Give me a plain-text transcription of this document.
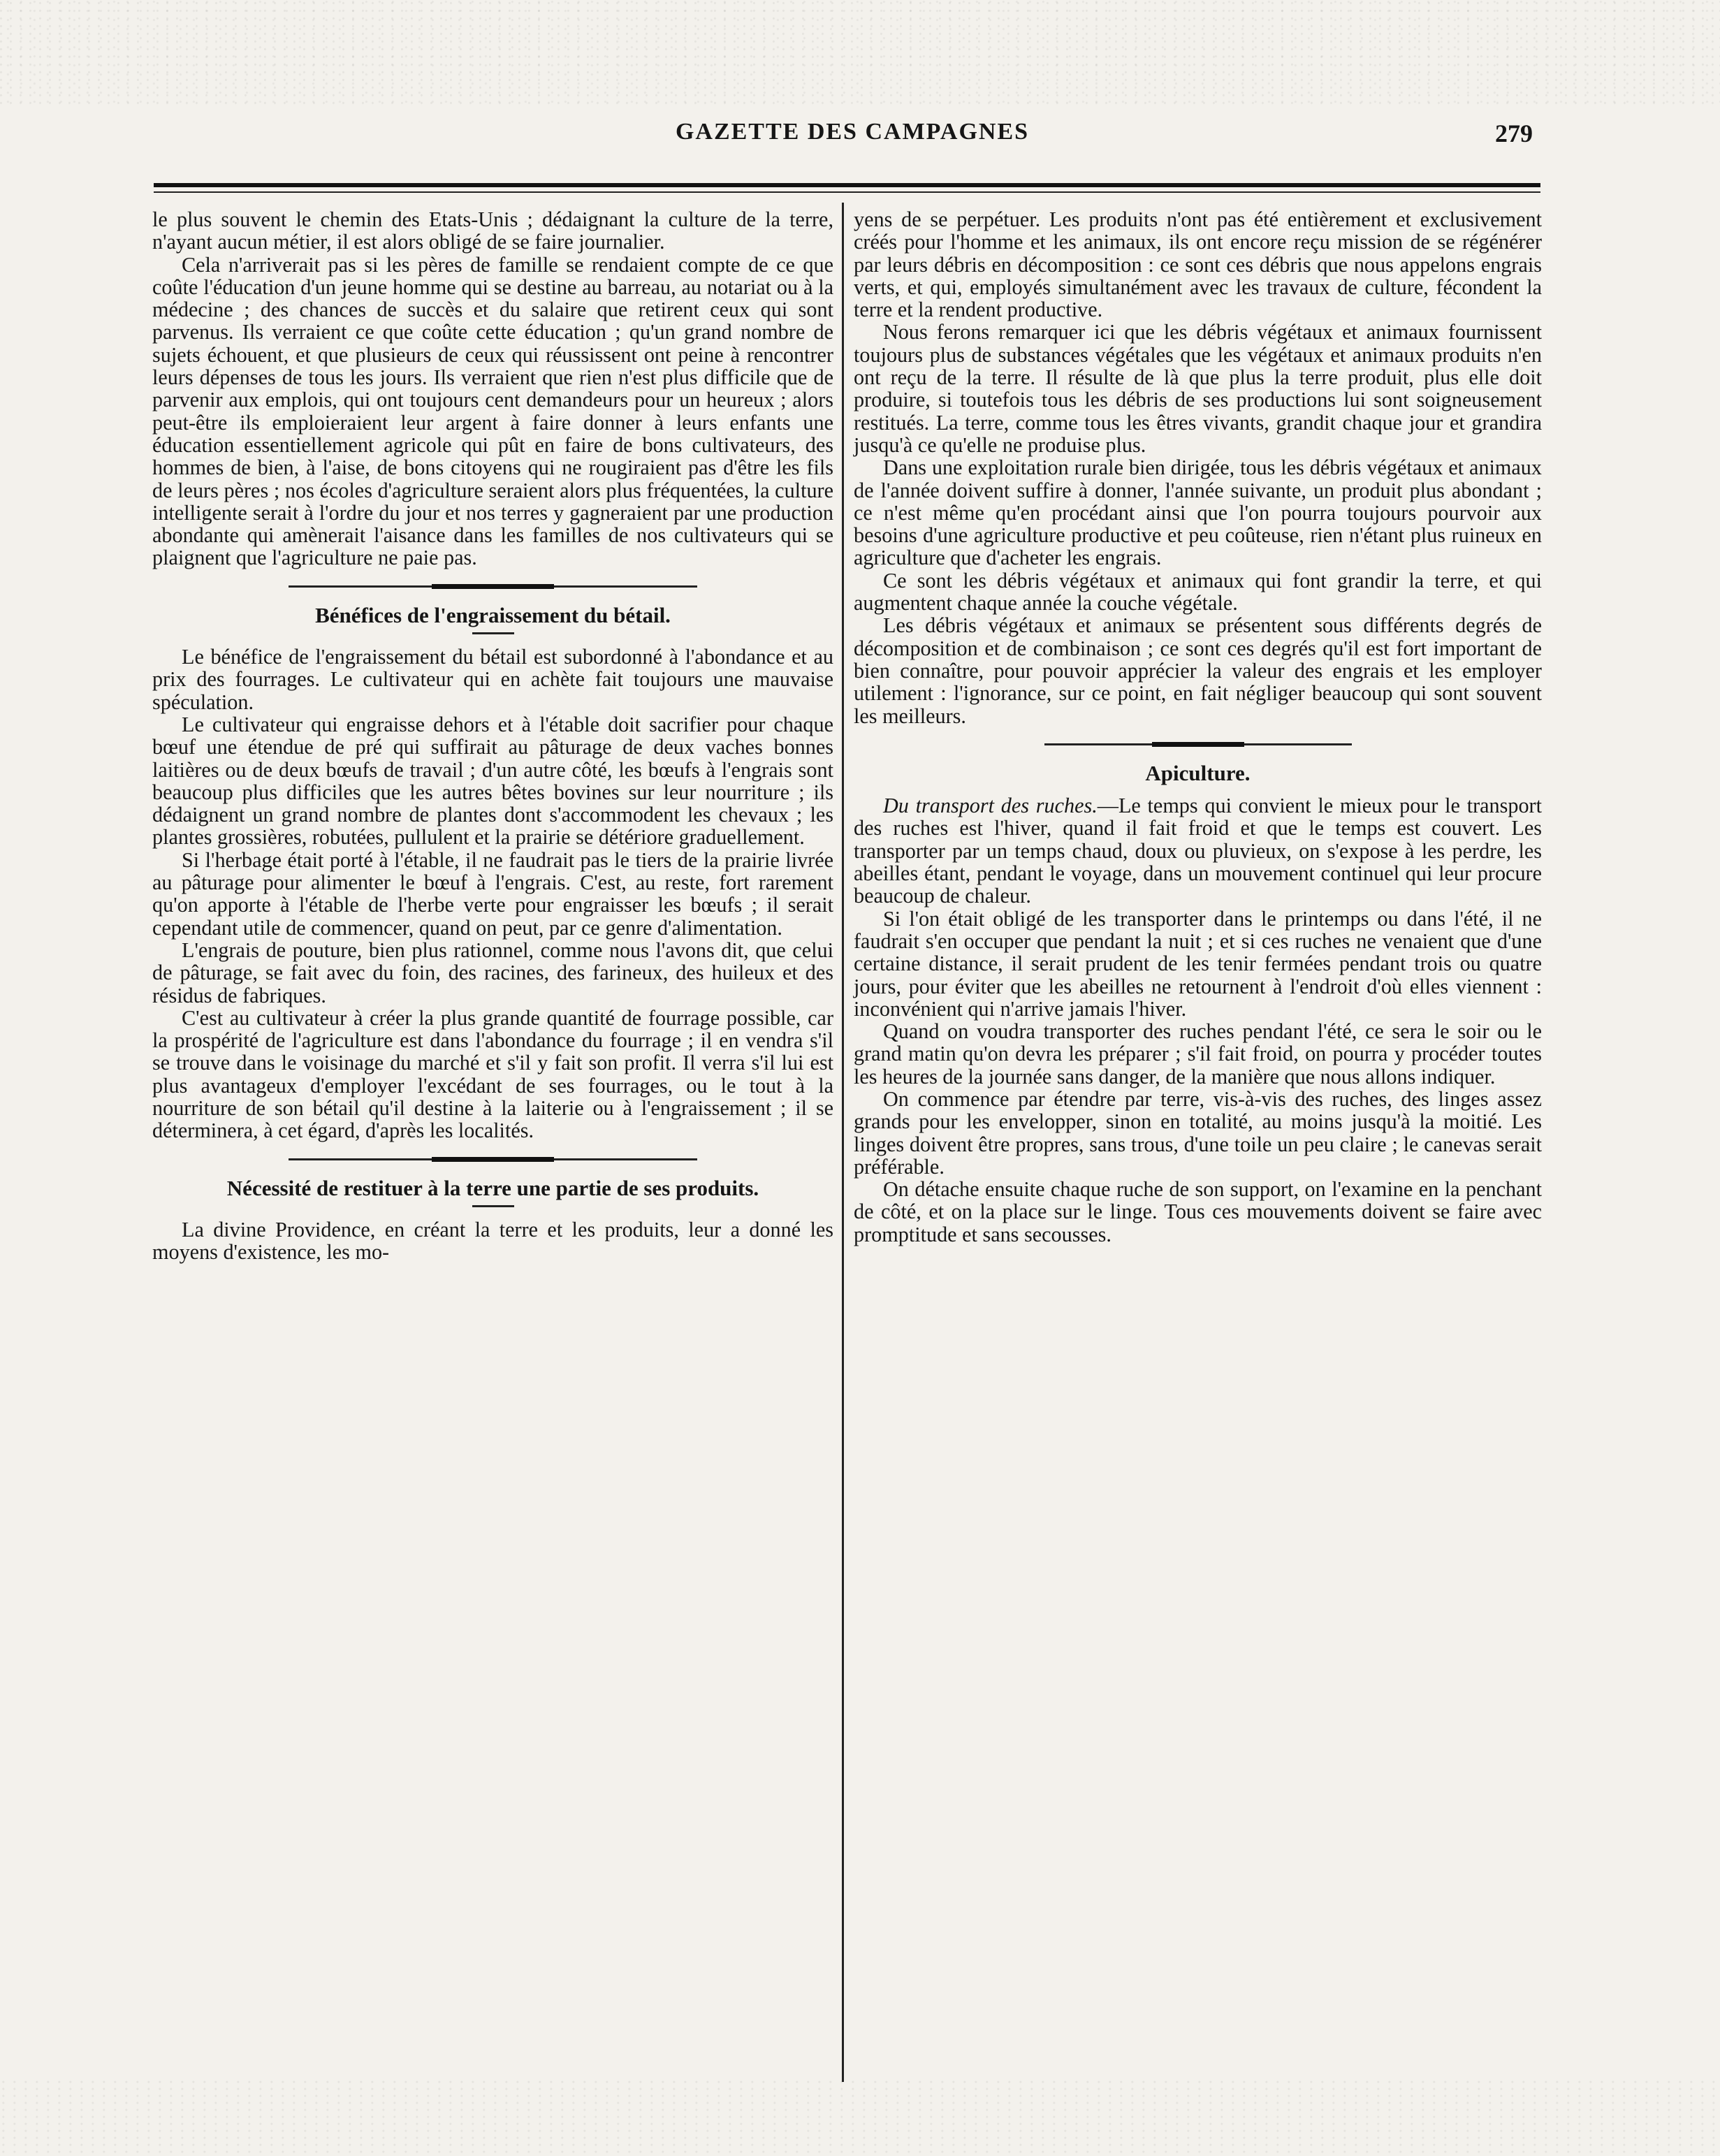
GAZETTE DES CAMPAGNES	279

le plus souvent le chemin des Etats-Unis ; dédaignant la culture de la terre, n'ayant aucun métier, il est alors obligé de se faire journalier.

Cela n'arriverait pas si les pères de famille se rendaient compte de ce que coûte l'éducation d'un jeune homme qui se destine au barreau, au notariat ou à la médecine ; des chances de succès et du salaire que retirent ceux qui sont parvenus. Ils verraient ce que coûte cette éducation ; qu'un grand nombre de sujets échouent, et que plusieurs de ceux qui réussissent ont peine à rencontrer leurs dépenses de tous les jours. Ils verraient que rien n'est plus difficile que de parvenir aux emplois, qui ont toujours cent demandeurs pour un heureux ; alors peut-être ils emploieraient leur argent à faire donner à leurs enfants une éducation essentiellement agricole qui pût en faire de bons cultivateurs, des hommes de bien, à l'aise, de bons citoyens qui ne rougiraient pas d'être les fils de leurs pères ; nos écoles d'agriculture seraient alors plus fréquentées, la culture intelligente serait à l'ordre du jour et nos terres y gagneraient par une production abondante qui amènerait l'aisance dans les familles de nos cultivateurs qui se plaignent que l'agriculture ne paie pas.

Bénéfices de l'engraissement du bétail.

Le bénéfice de l'engraissement du bétail est subordonné à l'abondance et au prix des fourrages. Le cultivateur qui en achète fait toujours une mauvaise spéculation.

Le cultivateur qui engraisse dehors et à l'étable doit sacrifier pour chaque bœuf une étendue de pré qui suffirait au pâturage de deux vaches bonnes laitières ou de deux bœufs de travail ; d'un autre côté, les bœufs à l'engrais sont beaucoup plus difficiles que les autres bêtes bovines sur leur nourriture ; ils dédaignent un grand nombre de plantes dont s'accommodent les chevaux ; les plantes grossières, robutées, pullulent et la prairie se détériore graduellement.

Si l'herbage était porté à l'étable, il ne faudrait pas le tiers de la prairie livrée au pâturage pour alimenter le bœuf à l'engrais. C'est, au reste, fort rarement qu'on apporte à l'étable de l'herbe verte pour engraisser les bœufs ; il serait cependant utile de commencer, quand on peut, par ce genre d'alimentation.

L'engrais de pouture, bien plus rationnel, comme nous l'avons dit, que celui de pâturage, se fait avec du foin, des racines, des farineux, des huileux et des résidus de fabriques.

C'est au cultivateur à créer la plus grande quantité de fourrage possible, car la prospérité de l'agriculture est dans l'abondance du fourrage ; il en vendra s'il se trouve dans le voisinage du marché et s'il y fait son profit. Il verra s'il lui est plus avantageux d'employer l'excédant de ses fourrages, ou le tout à la nourriture de son bétail qu'il destine à la laiterie ou à l'engraissement ; il se déterminera, à cet égard, d'après les localités.

Nécessité de restituer à la terre une partie de ses produits.

La divine Providence, en créant la terre et les produits, leur a donné les moyens d'existence, les mo-

yens de se perpétuer. Les produits n'ont pas été entièrement et exclusivement créés pour l'homme et les animaux, ils ont encore reçu mission de se régénérer par leurs débris en décomposition : ce sont ces débris que nous appelons engrais verts, et qui, employés simultanément avec les travaux de culture, fécondent la terre et la rendent productive.

Nous ferons remarquer ici que les débris végétaux et animaux fournissent toujours plus de substances végétales que les végétaux et animaux produits n'en ont reçu de la terre. Il résulte de là que plus la terre produit, plus elle doit produire, si toutefois tous les débris de ses productions lui sont soigneusement restitués. La terre, comme tous les êtres vivants, grandit chaque jour et grandira jusqu'à ce qu'elle ne produise plus.

Dans une exploitation rurale bien dirigée, tous les débris végétaux et animaux de l'année doivent suffire à donner, l'année suivante, un produit plus abondant ; ce n'est même qu'en procédant ainsi que l'on pourra toujours pourvoir aux besoins d'une agriculture productive et peu coûteuse, rien n'étant plus ruineux en agriculture que d'acheter les engrais.

Ce sont les débris végétaux et animaux qui font grandir la terre, et qui augmentent chaque année la couche végétale.

Les débris végétaux et animaux se présentent sous différents degrés de décomposition et de combinaison ; ce sont ces degrés qu'il est fort important de bien connaître, pour pouvoir apprécier la valeur des engrais et les employer utilement : l'ignorance, sur ce point, en fait négliger beaucoup qui sont souvent les meilleurs.

Apiculture.

Du transport des ruches.—Le temps qui convient le mieux pour le transport des ruches est l'hiver, quand il fait froid et que le temps est couvert. Les transporter par un temps chaud, doux ou pluvieux, on s'expose à les perdre, les abeilles étant, pendant le voyage, dans un mouvement continuel qui leur procure beaucoup de chaleur.

Si l'on était obligé de les transporter dans le printemps ou dans l'été, il ne faudrait s'en occuper que pendant la nuit ; et si ces ruches ne venaient que d'une certaine distance, il serait prudent de les tenir fermées pendant trois ou quatre jours, pour éviter que les abeilles ne retournent à l'endroit d'où elles viennent : inconvénient qui n'arrive jamais l'hiver.

Quand on voudra transporter des ruches pendant l'été, ce sera le soir ou le grand matin qu'on devra les préparer ; s'il fait froid, on pourra y procéder toutes les heures de la journée sans danger, de la manière que nous allons indiquer.

On commence par étendre par terre, vis-à-vis des ruches, des linges assez grands pour les envelopper, sinon en totalité, au moins jusqu'à la moitié. Les linges doivent être propres, sans trous, d'une toile un peu claire ; le canevas serait préférable.

On détache ensuite chaque ruche de son support, on l'examine en la penchant de côté, et on la place sur le linge. Tous ces mouvements doivent se faire avec promptitude et sans secousses.
